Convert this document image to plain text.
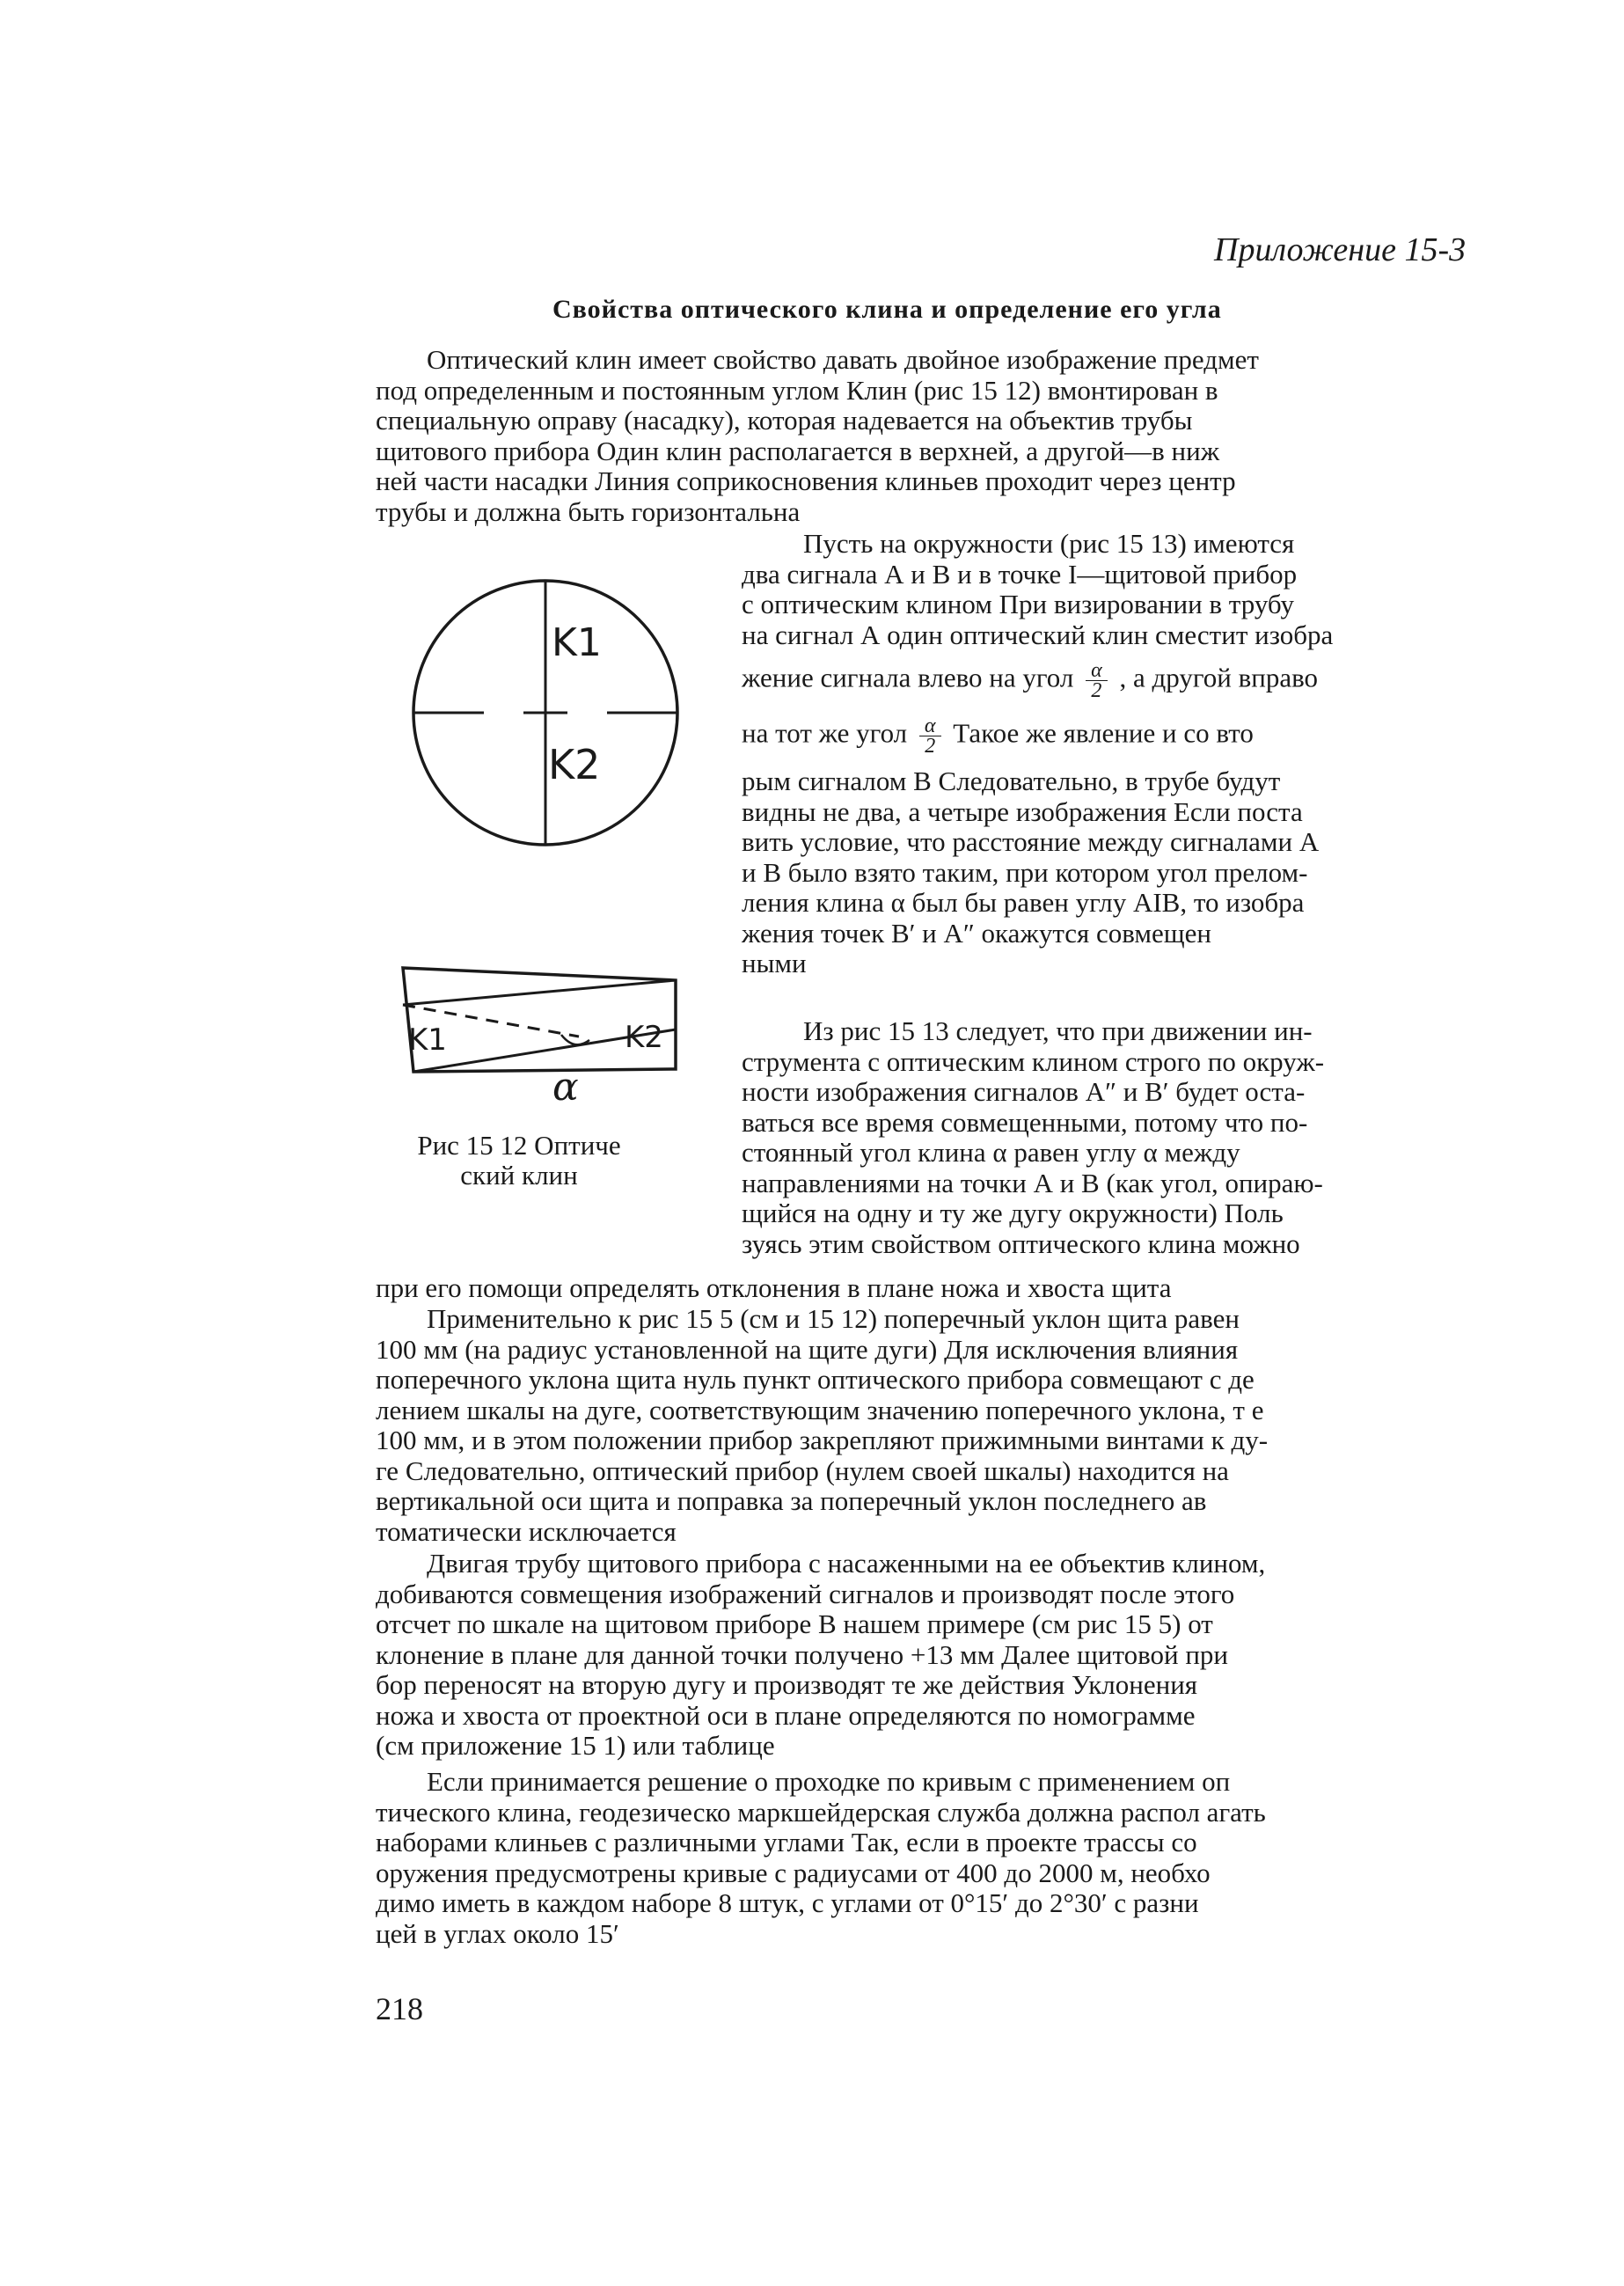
Приложение 15-3
Свойства оптического клина и определение его угла
Оптический клин имеет свойство давать двойное изображение предмет
под определенным и постоянным углом Клин (рис 15 12) вмонтирован в
специальную оправу (насадку), которая надевается на объектив трубы
щитового прибора Один клин располагается в верхней, а другой—в ниж
ней части насадки Линия соприкосновения клиньев проходит через центр
трубы и должна быть горизонтальна
Пусть на окружности (рис 15 13) имеются
два сигнала А и В и в точке I—щитовой прибор
с оптическим клином При визировании в трубу
на сигнал А один оптический клин сместит изобра
жение сигнала влево на угол $\frac{\alpha}{2}$ , а другой вправо
на тот же угол $\frac{\alpha}{2}$ Такое же явление и со вто
рым сигналом В Следовательно, в трубе будут
видны не два, а четыре изображения Если поста
вить условие, что расстояние между сигналами А
и В было взято таким, при котором угол прелом-
ления клина α был бы равен углу AIB, то изобра
жения точек В′ и А″ окажутся совмещен
ными
Из рис 15 13 следует, что при движении ин-
струмента с оптическим клином строго по окруж-
ности изображения сигналов А″ и В′ будет оста-
ваться все время совмещенными, потому что по-
стоянный угол клина α равен углу α между
направлениями на точки А и В (как угол, опираю-
щийся на одну и ту же дугу окружности) Поль
зуясь этим свойством оптического клина можно
при его помощи определять отклонения в плане ножа и хвоста щита
Применительно к рис 15 5 (см и 15 12) поперечный уклон щита равен
100 мм (на радиус установленной на щите дуги) Для исключения влияния
поперечного уклона щита нуль пункт оптического прибора совмещают с де
лением шкалы на дуге, соответствующим значению поперечного уклона, т е
100 мм, и в этом положении прибор закрепляют прижимными винтами к ду-
ге Следовательно, оптический прибор (нулем своей шкалы) находится на
вертикальной оси щита и поправка за поперечный уклон последнего ав
томатически исключается
Двигая трубу щитового прибора с насаженными на ее объектив клином,
добиваются совмещения изображений сигналов и производят после этого
отсчет по шкале на щитовом приборе В нашем примере (см рис 15 5) от
клонение в плане для данной точки получено +13 мм Далее щитовой при
бор переносят на вторую дугу и производят те же действия Уклонения
ножа и хвоста от проектной оси в плане определяются по номограмме
(см приложение 15 1) или таблице
Если принимается решение о проходке по кривым с применением оп
тического клина, геодезическо маркшейдерская служба должна распол агать
наборами клиньев с различными углами Так, если в проекте трассы со
оружения предусмотрены кривые с радиусами от 400 до 2000 м, необхо
димо иметь в каждом наборе 8 штук, с углами от 0°15′ до 2°30′ с разни
цей в углах около 15′
K1
K2
K1	K2
α
Рис 15 12 Оптиче
ский клин
218
